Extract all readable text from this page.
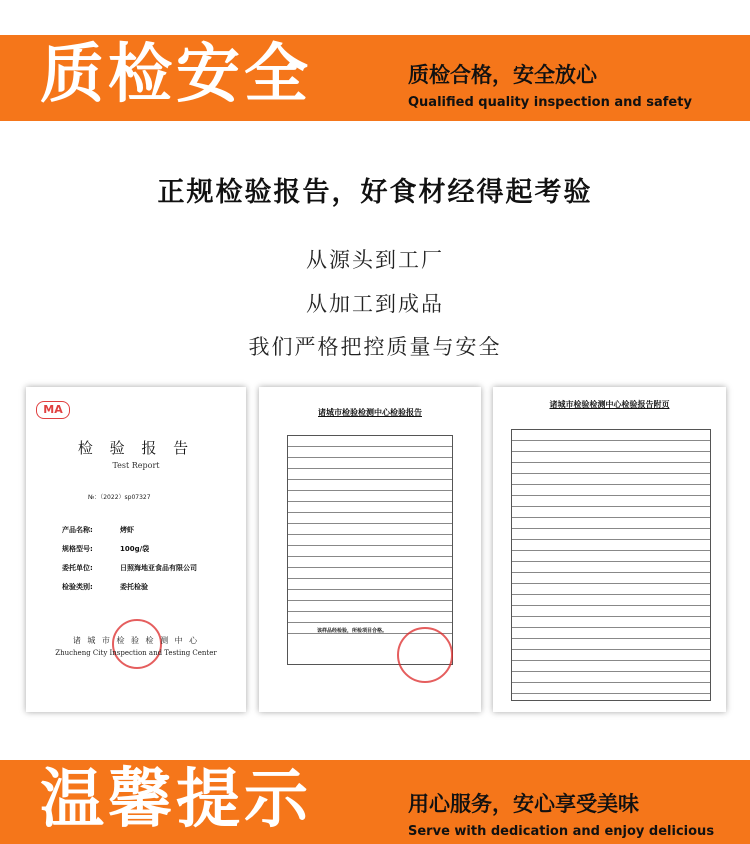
质检安全	质检合格，安全放心
Qualified quality inspection and safety
正规检验报告，好食材经得起考验
从源头到工厂
从加工到成品
我们严格把控质量与安全
MA
检 验 报 告
Test Report
№：（2022）sp07327
产品名称:	烤虾
规格型号:	100g/袋
委托单位:	日照海地亚食品有限公司
检验类别:	委托检验
诸 城 市 检 验 检 测 中 心
Zhucheng City Inspection and Testing Center
诸城市检验检测中心检验报告
该样品经检验，所检项目合格。
诸城市检验检测中心检验报告附页
温馨提示	用心服务，安心享受美味
Serve with dedication and enjoy delicious
